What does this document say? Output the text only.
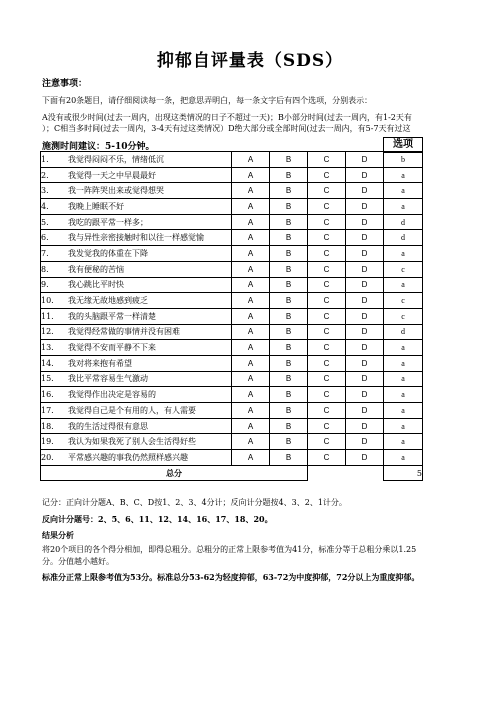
抑郁自评量表（SDS）
注意事项：
下面有20条题目，请仔细阅读每一条，把意思弄明白，每一条文字后有四个选项，分别表示：
A没有或很少时间(过去一周内，出现这类情况的日子不超过一天)；B小部分时间(过去一周内，有1-2天有
）；C相当多时间(过去一周内，3-4天有过这类情况）D绝大部分或全部时间(过去一周内，有5-7天有过这
施测时间建议：5-10分钟。	选项
1. 我觉得闷闷不乐，情绪低沉	A	B	C	D	b
2. 我觉得一天之中早晨最好	A	B	C	D	a
3. 我一阵阵哭出来或觉得想哭	A	B	C	D	a
4. 我晚上睡眠不好	A	B	C	D	a
5. 我吃的跟平常一样多；	A	B	C	D	d
6. 我与异性亲密接触时和以往一样感觉愉	A	B	C	D	d
7. 我发觉我的体重在下降	A	B	C	D	a
8. 我有便秘的苦恼	A	B	C	D	c
9. 我心跳比平时快	A	B	C	D	a
10. 我无缘无故地感到疲乏	A	B	C	D	c
11. 我的头脑跟平常一样清楚	A	B	C	D	c
12. 我觉得经常做的事情并没有困难	A	B	C	D	d
13. 我觉得不安而平静不下来	A	B	C	D	a
14. 我对将来抱有希望	A	B	C	D	a
15. 我比平常容易生气激动	A	B	C	D	a
16. 我觉得作出决定是容易的	A	B	C	D	a
17. 我觉得自己是个有用的人，有人需要	A	B	C	D	a
18. 我的生活过得很有意思	A	B	C	D	a
19. 我认为如果我死了别人会生活得好些	A	B	C	D	a
20. 平常感兴趣的事我仍然照样感兴趣	A	B	C	D	a
总分					5
记分：正向计分题A、B、C、D按1、2、3、4分计；反向计分题按4、3、2、1计分。
反向计分题号：2、5、6、11、12、14、16、17、18、20。
结果分析
将20个项目的各个得分相加，即得总粗分。总粗分的正常上限参考值为41分，标准分等于总粗分乘以1.25
分。分值越小越好。
标准分正常上限参考值为53分。标准总分53-62为轻度抑郁，63-72为中度抑郁，72分以上为重度抑郁。
